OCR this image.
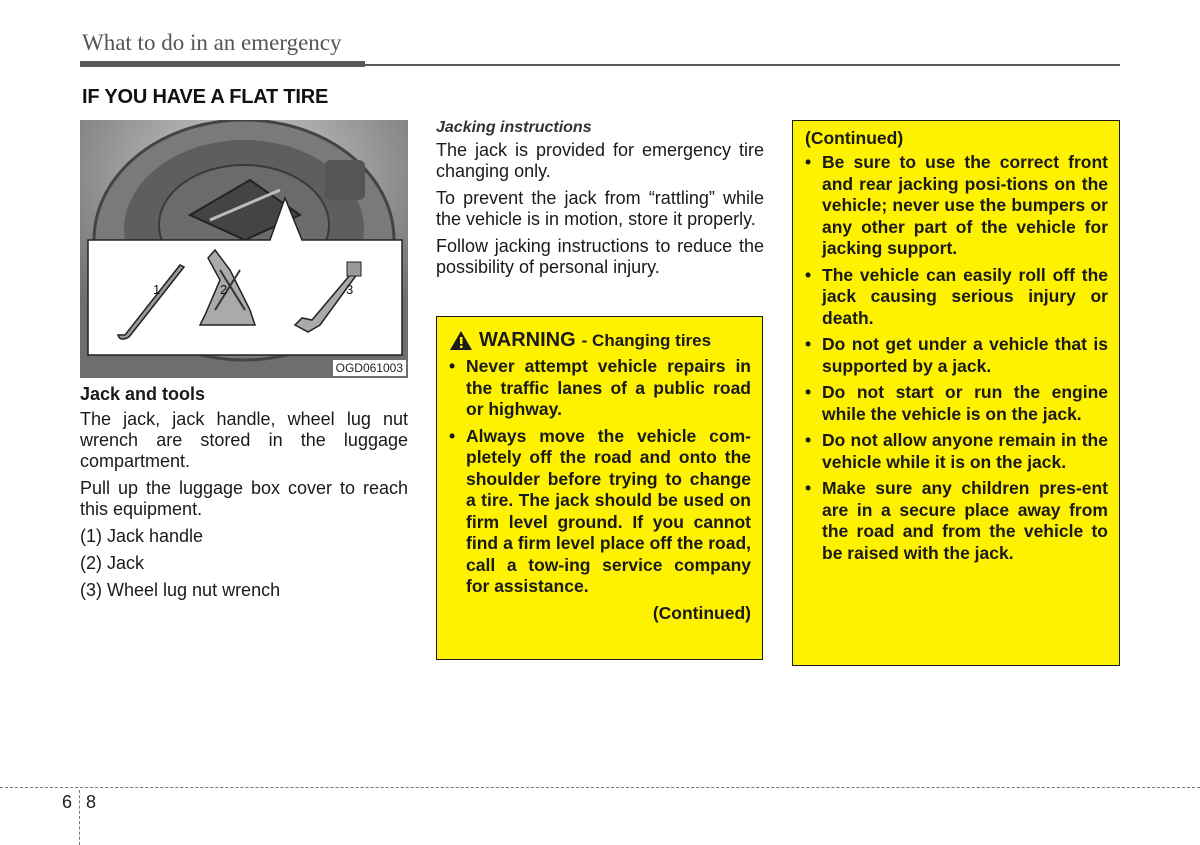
What to do in an emergency
IF YOU HAVE A FLAT TIRE
1	2	3
OGD061003

Jack and tools

The jack, jack handle, wheel lug nut wrench are stored in the luggage compartment.

Pull up the luggage box cover to reach this equipment.

(1) Jack handle
(2) Jack
(3) Wheel lug nut wrench

Jacking instructions

The jack is provided for emergency tire changing only.

To prevent the jack from “rattling” while the vehicle is in motion, store it properly.

Follow jacking instructions to reduce the possibility of personal injury.

WARNING - Changing tires
• Never attempt vehicle repairs in the traffic lanes of a public road or highway.
• Always move the vehicle com-pletely off the road and onto the shoulder before trying to change a tire. The jack should be used on firm level ground. If you cannot find a firm level place off the road, call a tow-ing service company for assistance.
(Continued)
(Continued)
• Be sure to use the correct front and rear jacking posi-tions on the vehicle; never use the bumpers or any other part of the vehicle for jacking support.
• The vehicle can easily roll off the jack causing serious injury or death.
• Do not get under a vehicle that is supported by a jack.
• Do not start or run the engine while the vehicle is on the jack.
• Do not allow anyone remain in the vehicle while it is on the jack.
• Make sure any children pres-ent are in a secure place away from the road and from the vehicle to be raised with the jack.
6 8
